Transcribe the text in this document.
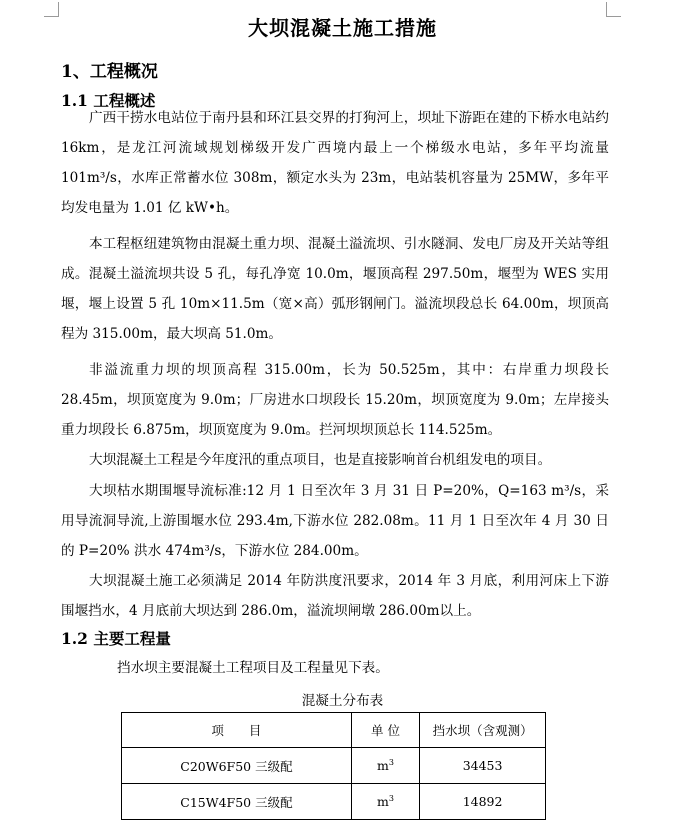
大坝混凝土施工措施
1、工程概况
1.1 工程概述

广西干捞水电站位于南丹县和环江县交界的打狗河上，坝址下游距在建的下桥水电站约 16km，是龙江河流域规划梯级开发广西境内最上一个梯级水电站，多年平均流量 101m³/s，水库正常蓄水位 308m，额定水头为 23m，电站装机容量为 25MW，多年平均发电量为 1.01 亿 kW•h。

本工程枢纽建筑物由混凝土重力坝、混凝土溢流坝、引水隧洞、发电厂房及开关站等组成。混凝土溢流坝共设 5 孔，每孔净宽 10.0m，堰顶高程 297.50m，堰型为 WES 实用堰，堰上设置 5 孔 10m×11.5m（宽×高）弧形钢闸门。溢流坝段总长 64.00m，坝顶高程为 315.00m，最大坝高 51.0m。

非溢流重力坝的坝顶高程 315.00m，长为 50.525m，其中：右岸重力坝段长 28.45m，坝顶宽度为 9.0m；厂房进水口坝段长 15.20m，坝顶宽度为 9.0m；左岸接头重力坝段长 6.875m，坝顶宽度为 9.0m。拦河坝坝顶总长 114.525m。

大坝混凝土工程是今年度汛的重点项目，也是直接影响首台机组发电的项目。

大坝枯水期围堰导流标准:12 月 1 日至次年 3 月 31 日 P=20%，Q=163 m³/s，采用导流洞导流,上游围堰水位 293.4m,下游水位 282.08m。11 月 1 日至次年 4 月 30 日的 P=20% 洪水 474m³/s，下游水位 284.00m。

大坝混凝土施工必须满足 2014 年防洪度汛要求，2014 年 3 月底，利用河床上下游围堰挡水，4 月底前大坝达到 286.0m，溢流坝闸墩 286.00m以上。

1.2 主要工程量
挡水坝主要混凝土工程项目及工程量见下表。
混凝土分布表
项　　目	单 位	挡水坝（含观测）
C20W6F50 三级配	$m^3$	34453
C15W4F50 三级配	$m^3$	14892
